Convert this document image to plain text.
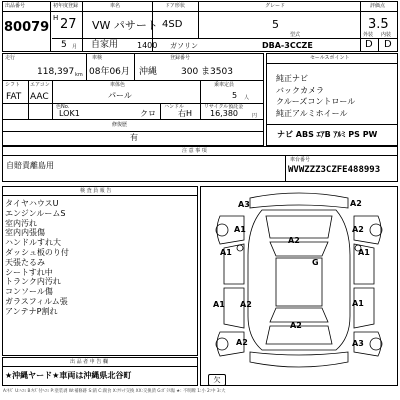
出品番号
80079
初年度登録
H 27
5 月
車名
VW パサート
自家用 1400
ドア形状
4SD
ガソリン
グレード
5
型式
DBA-3CCZE
評価点
3.5
外装 内装
D D
走行
118,397 km
車検
08年06月
登録番号
沖縄	300 ま3503
シフト
FAT
エアコン
AAC
車体色
パール
乗車定員
5 人
色No.
LOK1	クロ
ハンドル
右H
リサイクル預託金
16,380	円
修復歴
有
セールスポイント
純正ナビ
バックカメラ
クルーズコントロール
純正アルミホイール
ナビ ABS ｴｱB ｱﾙﾐ PS PW
注 意 事 項
自賠責離島用
車台番号
WVWZZZ3CZFE488993
検 査 員 報 告
タイヤハウスU
エンジンルームS
室内汚れ
室内内張傷
ハンドルすれ大
ダッシュ板のり付
天張たるみ
シートすれ中
トランク内汚れ
コンソール傷
ガラスフィルム張
アンテナP割れ
A3	A2
A1	A2
A2
G
A1	A1
A1 A2
A2
A1
A2	A3
欠
出 品 者 申 告 欄
★沖縄ヤード★車両は沖縄県北谷町
A:ｷｽﾞ U:ﾍｺﾐ B:ｷｽﾞ付ﾍｺﾐ P:塗装剥 W:補修跡 S:錆 C:腐食 X:ｸﾜｯﾁ交換 XX:交換済 G:ｶﾞﾗｽ傷 ★: 不明瞭 1:小 2:中 3:大
